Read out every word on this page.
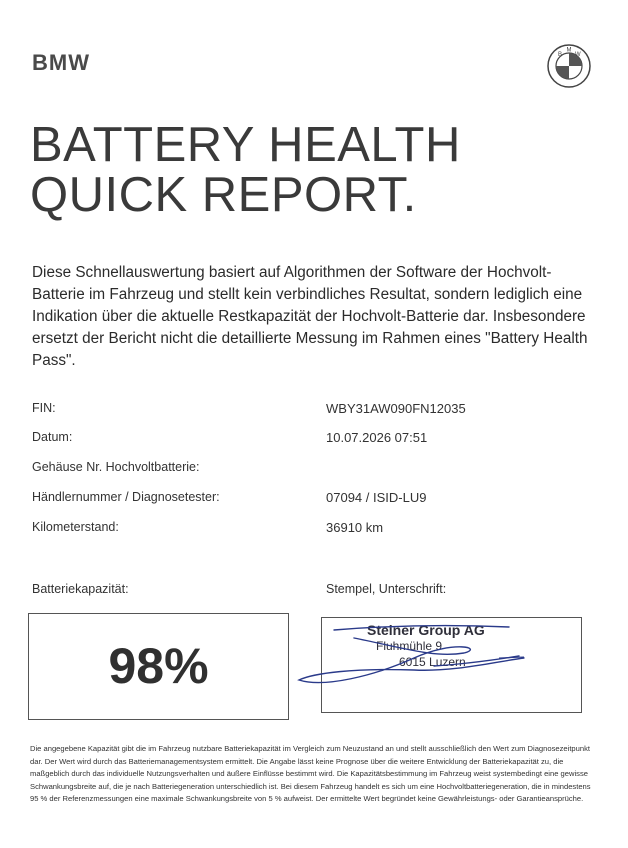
BMW	B
M
W
BATTERY HEALTH
QUICK REPORT.

Diese Schnellauswertung basiert auf Algorithmen der Software der Hochvolt-Batterie im Fahrzeug und stellt kein verbindliches Resultat, sondern lediglich eine Indikation über die aktuelle Restkapazität der Hochvolt-Batterie dar. Insbesondere ersetzt der Bericht nicht die detaillierte Messung im Rahmen eines "Battery Health Pass".

FIN:	WBY31AW090FN12035
Datum:	10.07.2026 07:51
Gehäuse Nr. Hochvoltbatterie:
Händlernummer / Diagnosetester:	07094 / ISID-LU9
Kilometerstand:	36910 km
Batteriekapazität:	Stempel, Unterschrift:
98%
Steiner Group AG
Fluhmühle 9
6015 Luzern

Die angegebene Kapazität gibt die im Fahrzeug nutzbare Batteriekapazität im Vergleich zum Neuzustand an und stellt ausschließlich den Wert zum Diagnosezeitpunkt dar. Der Wert wird durch das Batteriemanagementsystem ermittelt. Die Angabe lässt keine Prognose über die weitere Entwicklung der Batteriekapazität zu, die maßgeblich durch das individuelle Nutzungsverhalten und äußere Einflüsse bestimmt wird. Die Kapazitätsbestimmung im Fahrzeug weist systembedingt eine gewisse Schwankungsbreite auf, die je nach Batteriegeneration unterschiedlich ist. Bei diesem Fahrzeug handelt es sich um eine Hochvoltbatteriegeneration, die in mindestens 95 % der Referenzmessungen eine maximale Schwankungsbreite von 5 % aufweist. Der ermittelte Wert begründet keine Gewährleistungs- oder Garantieansprüche.
